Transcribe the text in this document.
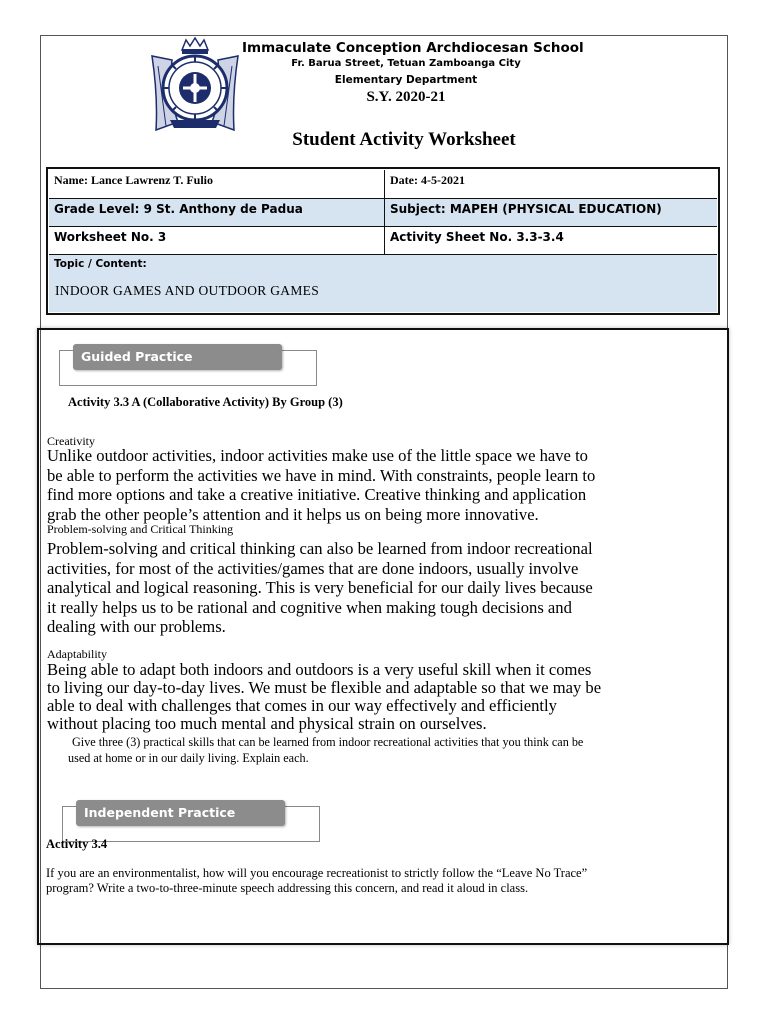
Immaculate Conception Archdiocesan School
Fr. Barua Street, Tetuan Zamboanga City
Elementary Department
S.Y. 2020-21
Student Activity Worksheet
Name: Lance Lawrenz T. Fulio	Date: 4-5-2021
Grade Level: 9 St. Anthony de Padua	Subject: MAPEH (PHYSICAL EDUCATION)
Worksheet No. 3	Activity Sheet No. 3.3-3.4
Topic / Content:
INDOOR GAMES AND OUTDOOR GAMES
Guided Practice
Activity 3.3 A (Collaborative Activity) By Group (3)
Creativity
Unlike outdoor activities, indoor activities make use of the little space we have to
be able to perform the activities we have in mind. With constraints, people learn to
find more options and take a creative initiative. Creative thinking and application
grab the other people’s attention and it helps us on being more innovative.
Problem-solving and Critical Thinking
Problem-solving and critical thinking can also be learned from indoor recreational
activities, for most of the activities/games that are done indoors, usually involve
analytical and logical reasoning. This is very beneficial for our daily lives because
it really helps us to be rational and cognitive when making tough decisions and
dealing with our problems.
Adaptability
Being able to adapt both indoors and outdoors is a very useful skill when it comes
to living our day-to-day lives. We must be flexible and adaptable so that we may be
able to deal with challenges that comes in our way effectively and efficiently
without placing too much mental and physical strain on ourselves.
Give three (3) practical skills that can be learned from indoor recreational activities that you think can be
used at home or in our daily living. Explain each.
Independent Practice
Activity 3.4
If you are an environmentalist, how will you encourage recreationist to strictly follow the “Leave No Trace”
program? Write a two-to-three-minute speech addressing this concern, and read it aloud in class.
